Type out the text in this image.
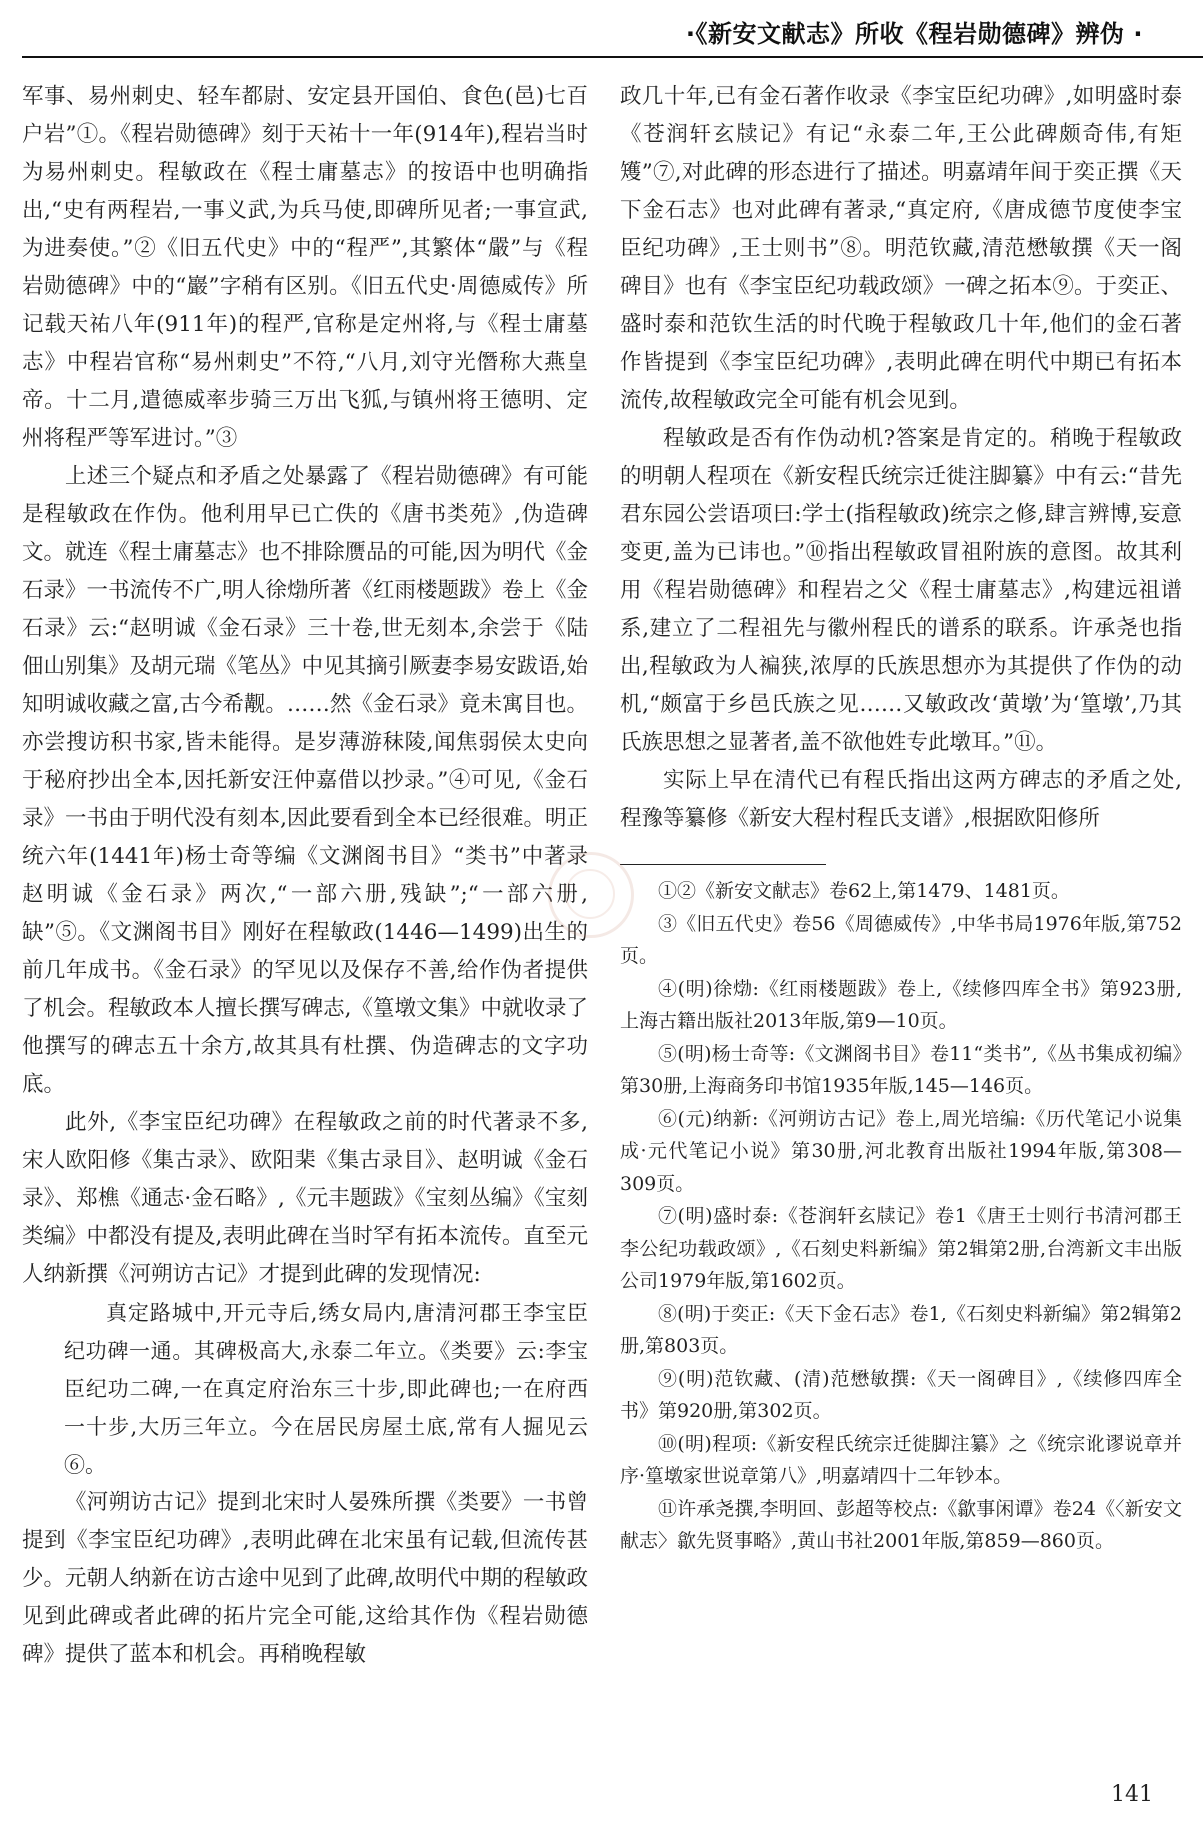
·《新安文献志》所收《程岩勋德碑》辨伪 ·

军事、易州刺史、轻车都尉、安定县开国伯、食色(邑)七百户岩”①。《程岩勋德碑》刻于天祐十一年(914年),程岩当时为易州刺史。程敏政在《程士庸墓志》的按语中也明确指出,“史有两程岩,一事义武,为兵马使,即碑所见者;一事宣武,为进奏使。”②《旧五代史》中的“程严”,其繁体“嚴”与《程岩勋德碑》中的“巖”字稍有区别。《旧五代史·周德威传》所记载天祐八年(911年)的程严,官称是定州将,与《程士庸墓志》中程岩官称“易州刺史”不符,“八月,刘守光僭称大燕皇帝。十二月,遣德威率步骑三万出飞狐,与镇州将王德明、定州将程严等军进讨。”③

上述三个疑点和矛盾之处暴露了《程岩勋德碑》有可能是程敏政在作伪。他利用早已亡佚的《唐书类苑》,伪造碑文。就连《程士庸墓志》也不排除赝品的可能,因为明代《金石录》一书流传不广,明人徐𤊹所著《红雨楼题跋》卷上《金石录》云:“赵明诚《金石录》三十卷,世无刻本,余尝于《陆佃山别集》及胡元瑞《笔丛》中见其摘引厥妻李易安跋语,始知明诚收藏之富,古今希觏。……然《金石录》竟未寓目也。亦尝搜访积书家,皆未能得。是岁薄游秣陵,闻焦弱侯太史向于秘府抄出全本,因托新安汪仲嘉借以抄录。”④可见,《金石录》一书由于明代没有刻本,因此要看到全本已经很难。明正统六年(1441年)杨士奇等编《文渊阁书目》“类书”中著录赵明诚《金石录》两次,“一部六册,残缺”;“一部六册,缺”⑤。《文渊阁书目》刚好在程敏政(1446—1499)出生的前几年成书。《金石录》的罕见以及保存不善,给作伪者提供了机会。程敏政本人擅长撰写碑志,《篁墩文集》中就收录了他撰写的碑志五十余方,故其具有杜撰、伪造碑志的文字功底。

此外,《李宝臣纪功碑》在程敏政之前的时代著录不多,宋人欧阳修《集古录》、欧阳棐《集古录目》、赵明诚《金石录》、郑樵《通志·金石略》,《元丰题跋》《宝刻丛编》《宝刻类编》中都没有提及,表明此碑在当时罕有拓本流传。直至元人纳新撰《河朔访古记》才提到此碑的发现情况:

真定路城中,开元寺后,绣女局内,唐清河郡王李宝臣纪功碑一通。其碑极高大,永泰二年立。《类要》云:李宝臣纪功二碑,一在真定府治东三十步,即此碑也;一在府西一十步,大历三年立。今在居民房屋土底,常有人掘见云⑥。

《河朔访古记》提到北宋时人晏殊所撰《类要》一书曾提到《李宝臣纪功碑》,表明此碑在北宋虽有记载,但流传甚少。元朝人纳新在访古途中见到了此碑,故明代中期的程敏政见到此碑或者此碑的拓片完全可能,这给其作伪《程岩勋德碑》提供了蓝本和机会。再稍晚程敏

政几十年,已有金石著作收录《李宝臣纪功碑》,如明盛时泰《苍润轩玄牍记》有记“永泰二年,王公此碑颇奇伟,有矩矱”⑦,对此碑的形态进行了描述。明嘉靖年间于奕正撰《天下金石志》也对此碑有著录,“真定府,《唐成德节度使李宝臣纪功碑》,王士则书”⑧。明范钦藏,清范懋敏撰《天一阁碑目》也有《李宝臣纪功载政颂》一碑之拓本⑨。于奕正、盛时泰和范钦生活的时代晚于程敏政几十年,他们的金石著作皆提到《李宝臣纪功碑》,表明此碑在明代中期已有拓本流传,故程敏政完全可能有机会见到。

程敏政是否有作伪动机?答案是肯定的。稍晚于程敏政的明朝人程项在《新安程氏统宗迁徙注脚纂》中有云:“昔先君东园公尝语项曰:学士(指程敏政)统宗之修,肆言辨博,妄意变更,盖为已讳也。”⑩指出程敏政冒祖附族的意图。故其利用《程岩勋德碑》和程岩之父《程士庸墓志》,构建远祖谱系,建立了二程祖先与徽州程氏的谱系的联系。许承尧也指出,程敏政为人褊狭,浓厚的氏族思想亦为其提供了作伪的动机,“颇富于乡邑氏族之见……又敏政改‘黄墩’为‘篁墩’,乃其氏族思想之显著者,盖不欲他姓专此墩耳。”⑪。

实际上早在清代已有程氏指出这两方碑志的矛盾之处,程豫等纂修《新安大程村程氏支谱》,根据欧阳修所

①②《新安文献志》卷62上,第1479、1481页。

③《旧五代史》卷56《周德威传》,中华书局1976年版,第752页。

④(明)徐𤊹:《红雨楼题跋》卷上,《续修四库全书》第923册,上海古籍出版社2013年版,第9—10页。

⑤(明)杨士奇等:《文渊阁书目》卷11“类书”,《丛书集成初编》第30册,上海商务印书馆1935年版,145—146页。

⑥(元)纳新:《河朔访古记》卷上,周光培编:《历代笔记小说集成·元代笔记小说》第30册,河北教育出版社1994年版,第308—309页。

⑦(明)盛时泰:《苍润轩玄牍记》卷1《唐王士则行书清河郡王李公纪功载政颂》,《石刻史料新编》第2辑第2册,台湾新文丰出版公司1979年版,第1602页。

⑧(明)于奕正:《天下金石志》卷1,《石刻史料新编》第2辑第2册,第803页。

⑨(明)范钦藏、(清)范懋敏撰:《天一阁碑目》,《续修四库全书》第920册,第302页。

⑩(明)程项:《新安程氏统宗迁徙脚注纂》之《统宗讹谬说章并序·篁墩家世说章第八》,明嘉靖四十二年钞本。

⑪许承尧撰,李明回、彭超等校点:《歙事闲谭》卷24《〈新安文献志〉歙先贤事略》,黄山书社2001年版,第859—860页。

141
